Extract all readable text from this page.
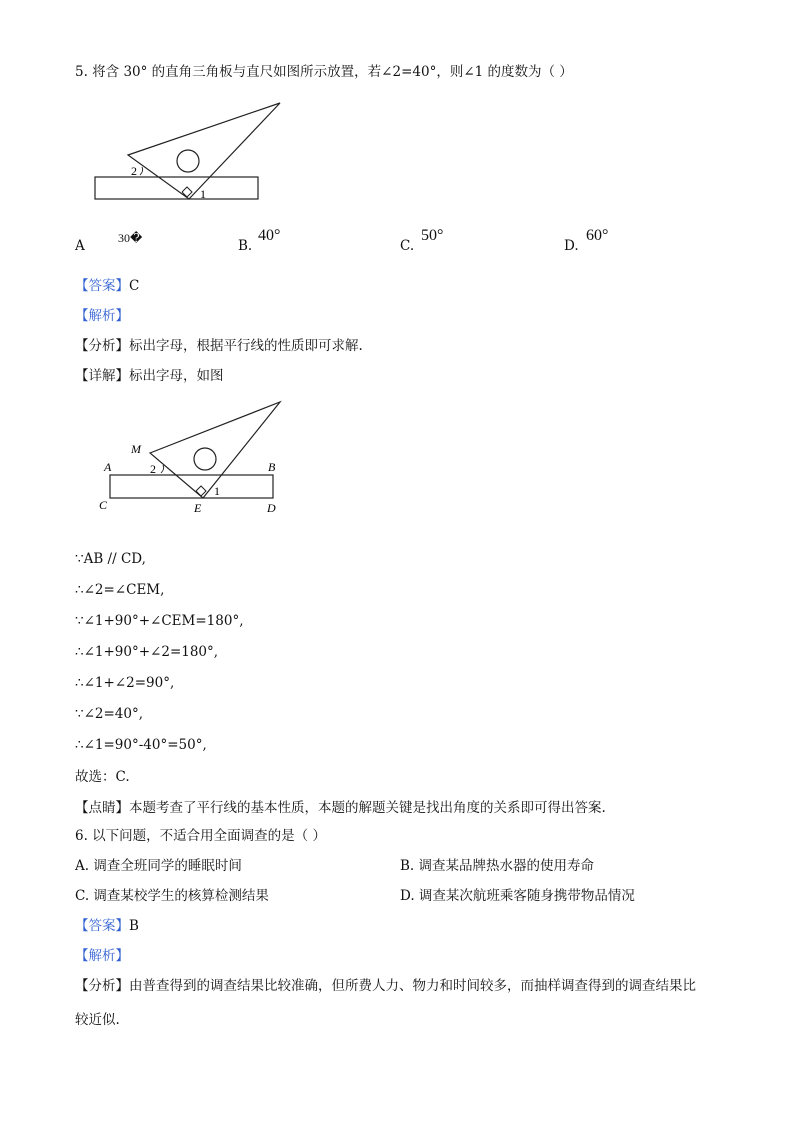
5. 将含 30° 的直角三角板与直尺如图所示放置，若∠2=40°，则∠1 的度数为（ ）
2
1
A	30�	B.
40°
C.
50°
D.
60°
【答案】C
【解析】
【分析】标出字母，根据平行线的性质即可求解.
【详解】标出字母，如图
M
A	B
C	D
E
2
1
∵AB // CD,
∴∠2=∠CEM,
∵∠1+90°+∠CEM=180°,
∴∠1+90°+∠2=180°,
∴∠1+∠2=90°,
∵∠2=40°,
∴∠1=90°-40°=50°,
故选：C.
【点睛】本题考查了平行线的基本性质，本题的解题关键是找出角度的关系即可得出答案.
6. 以下问题，不适合用全面调查的是（ ）
A. 调查全班同学的睡眠时间	B. 调查某品牌热水器的使用寿命
C. 调查某校学生的核算检测结果	D. 调查某次航班乘客随身携带物品情况
【答案】B
【解析】
【分析】由普查得到的调查结果比较准确，但所费人力、物力和时间较多，而抽样调查得到的调查结果比
较近似.
